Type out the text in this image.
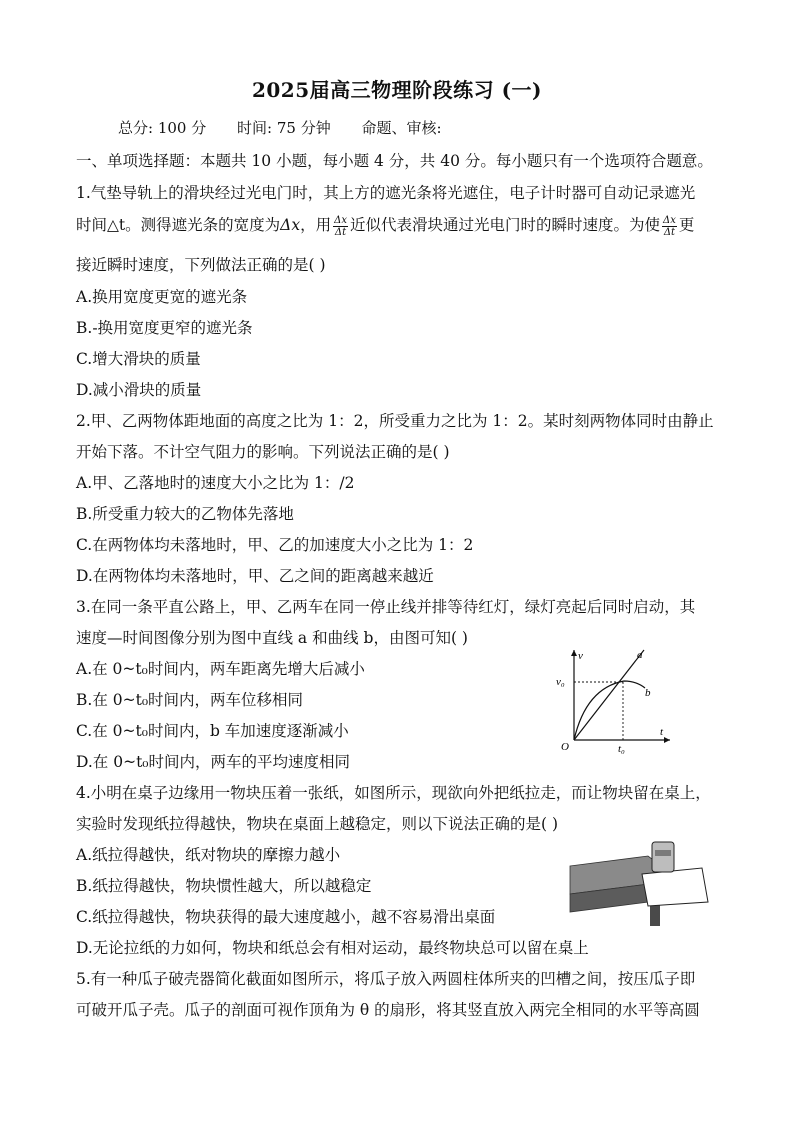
2025届高三物理阶段练习 (一)
总分: 100 分 时间: 75 分钟 命题、审核:
一、单项选择题：本题共 10 小题，每小题 4 分，共 40 分。每小题只有一个选项符合题意。
1.气垫导轨上的滑块经过光电门时，其上方的遮光条将光遮住，电子计时器可自动记录遮光
时间△t。测得遮光条的宽度为Δx，用 $\frac{\Delta x}{\Delta t}$ 近似代表滑块通过光电门时的瞬时速度。为使 $\frac{\Delta x}{\Delta t}$ 更
接近瞬时速度，下列做法正确的是( )
A.换用宽度更宽的遮光条
B.-换用宽度更窄的遮光条
C.增大滑块的质量
D.减小滑块的质量
2.甲、乙两物体距地面的高度之比为 1：2，所受重力之比为 1：2。某时刻两物体同时由静止
开始下落。不计空气阻力的影响。下列说法正确的是( )
A.甲、乙落地时的速度大小之比为 1：/2
B.所受重力较大的乙物体先落地
C.在两物体均未落地时，甲、乙的加速度大小之比为 1：2
D.在两物体均未落地时，甲、乙之间的距离越来越近
3.在同一条平直公路上，甲、乙两车在同一停止线并排等待红灯，绿灯亮起后同时启动，其
速度—时间图像分别为图中直线 a 和曲线 b，由图可知( )
A.在 0~t₀时间内，两车距离先增大后减小
B.在 0~t₀时间内，两车位移相同
C.在 0~t₀时间内，b 车加速度逐渐减小
D.在 0~t₀时间内，两车的平均速度相同
v
t
O
v₀
t₀
a
b
4.小明在桌子边缘用一物块压着一张纸，如图所示，现欲向外把纸拉走，而让物块留在桌上，
实验时发现纸拉得越快，物块在桌面上越稳定，则以下说法正确的是( )
A.纸拉得越快，纸对物块的摩擦力越小
B.纸拉得越快，物块惯性越大，所以越稳定
C.纸拉得越快，物块获得的最大速度越小，越不容易滑出桌面
D.无论拉纸的力如何，物块和纸总会有相对运动，最终物块总可以留在桌上
5.有一种瓜子破壳器简化截面如图所示，将瓜子放入两圆柱体所夹的凹槽之间，按压瓜子即
可破开瓜子壳。瓜子的剖面可视作顶角为 θ 的扇形，将其竖直放入两完全相同的水平等高圆
